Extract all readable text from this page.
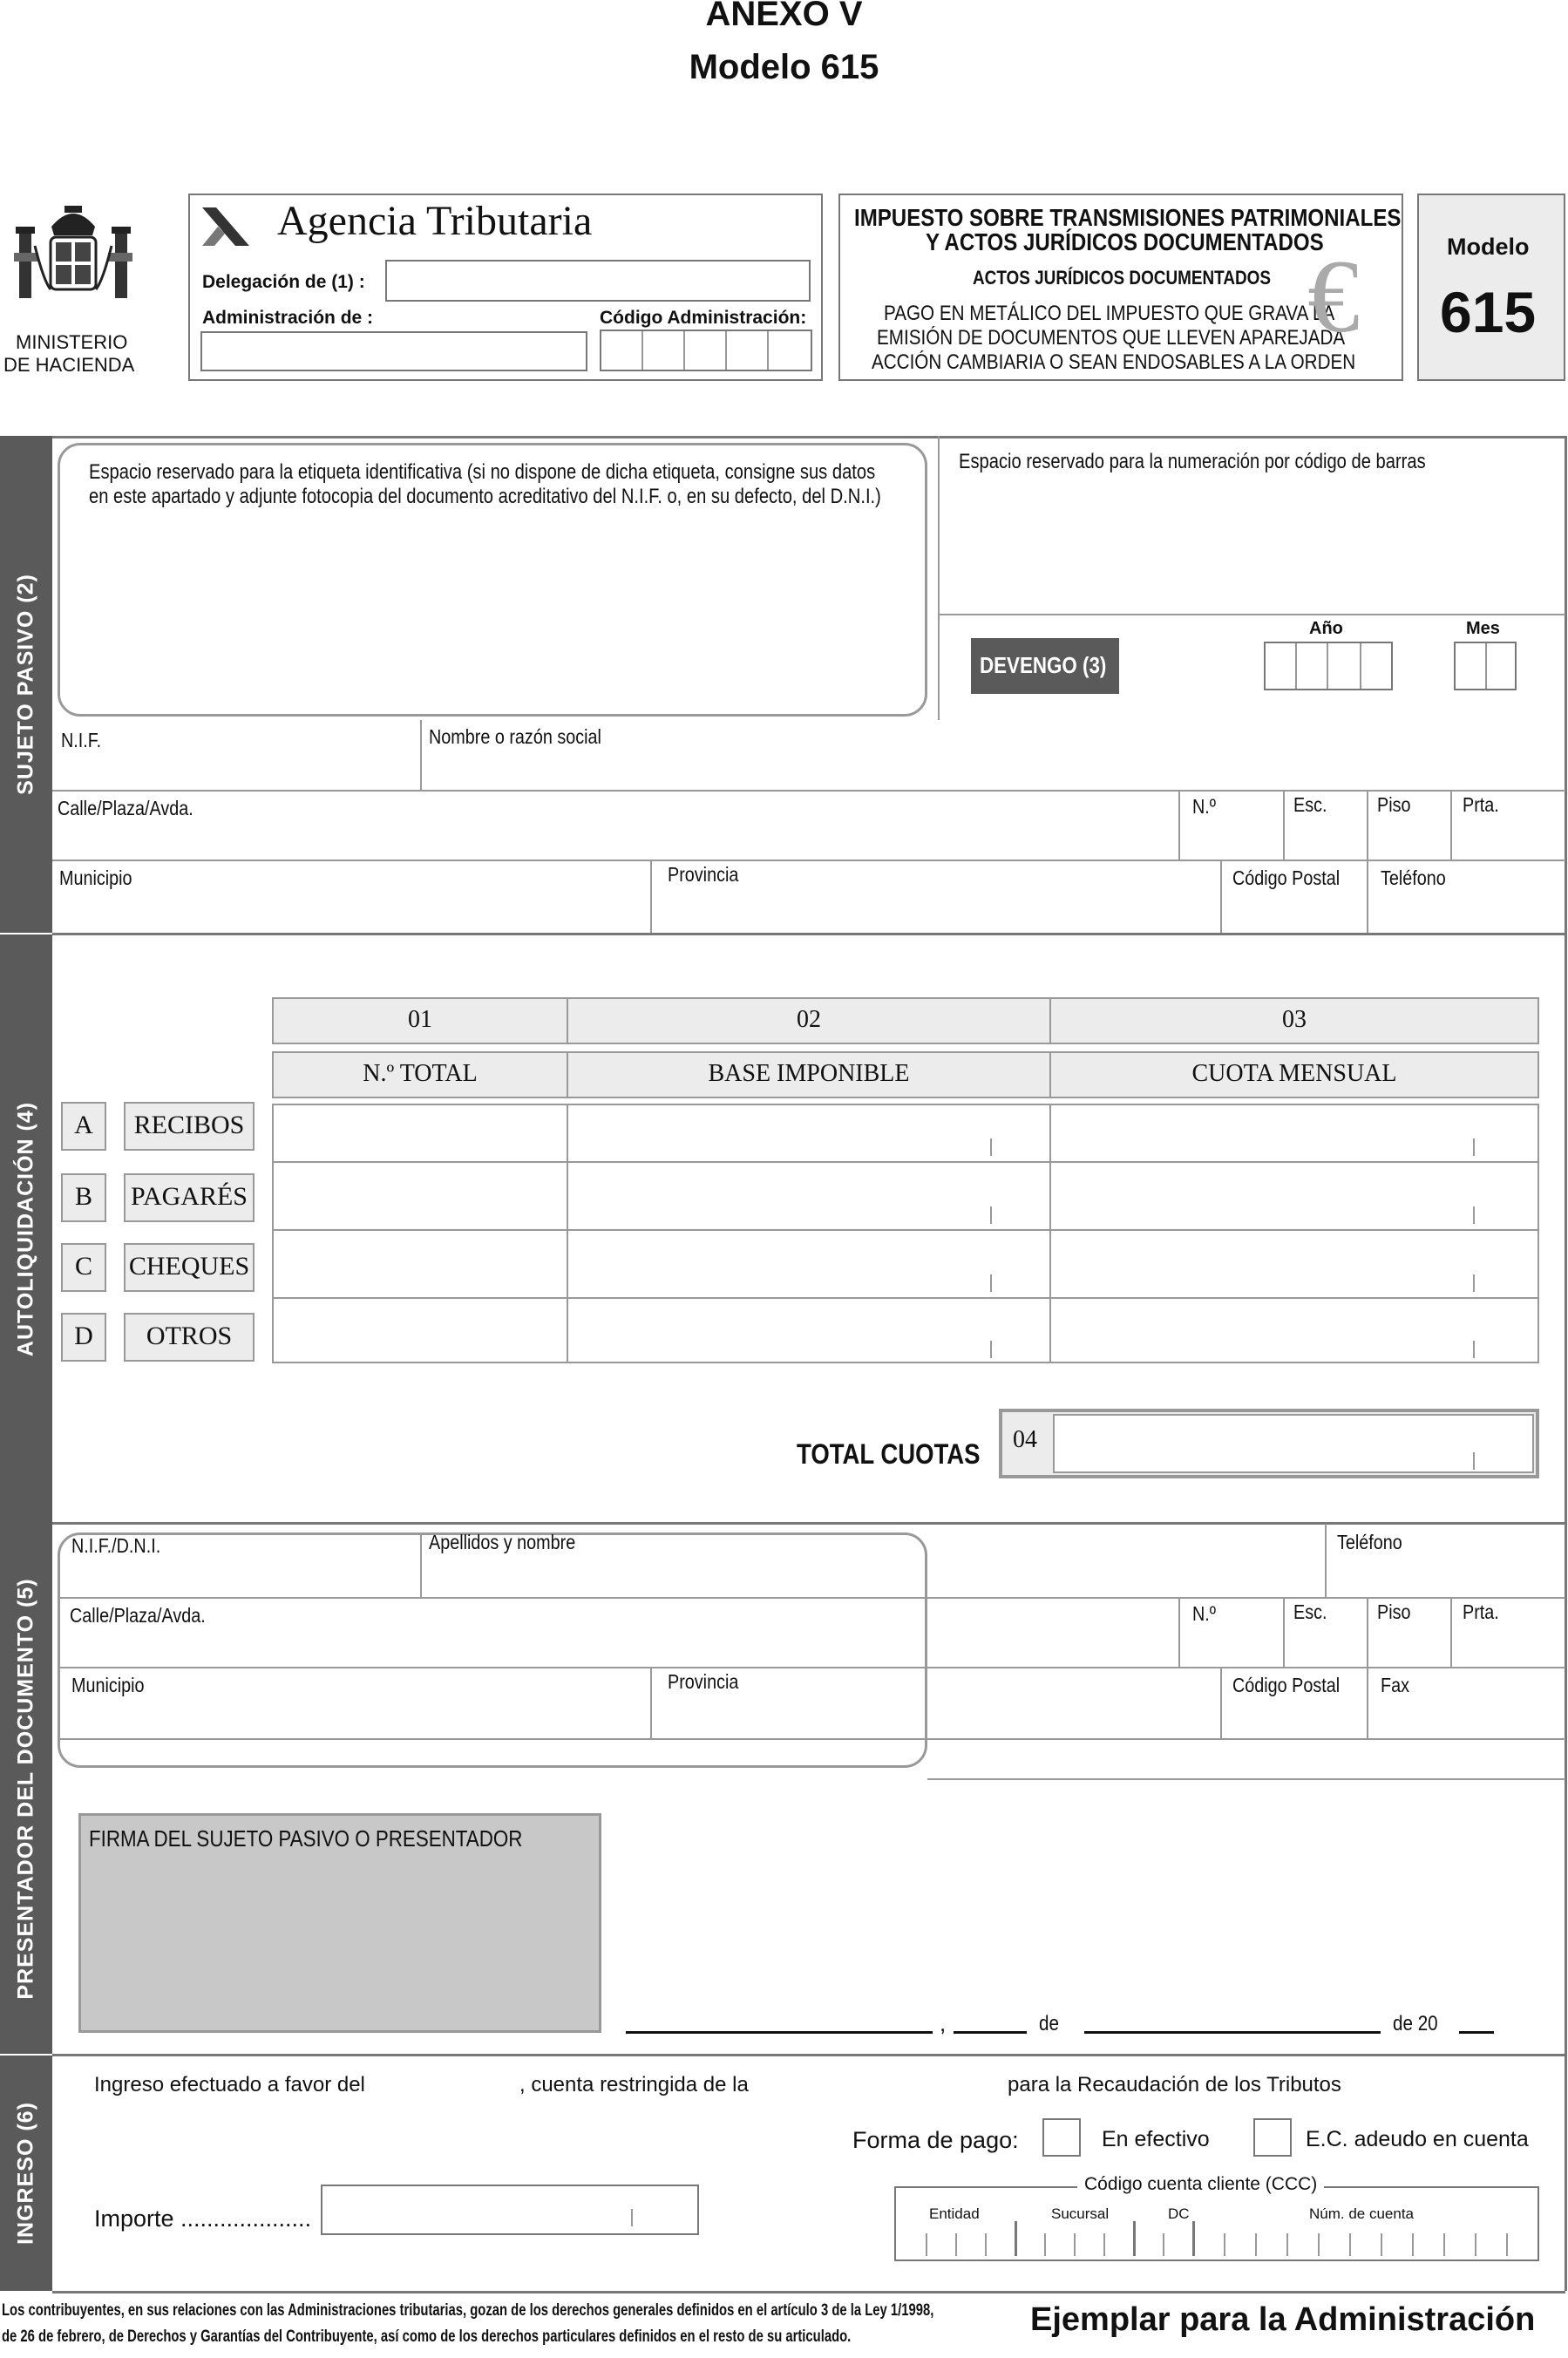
ANEXO V
Modelo 615
MINISTERIO
DE HACIENDA
Agencia Tributaria
Delegación de (1) :
Administración de :	Código Administración:
IMPUESTO SOBRE TRANSMISIONES PATRIMONIALES
Y ACTOS JURÍDICOS DOCUMENTADOS
ACTOS JURÍDICOS DOCUMENTADOS
PAGO EN METÁLICO DEL IMPUESTO QUE GRAVA LA
EMISIÓN DE DOCUMENTOS QUE LLEVEN APAREJADA
ACCIÓN CAMBIARIA O SEAN ENDOSABLES A LA ORDEN
€	Modelo
615
SUJETO PASIVO (2)
Espacio reservado para la etiqueta identificativa (si no dispone de dicha etiqueta, consigne sus datos
en este apartado y adjunte fotocopia del documento acreditativo del N.I.F. o, en su defecto, del D.N.I.)
Espacio reservado para la numeración por código de barras
DEVENGO (3)
Año	Mes
N.I.F.	Nombre o razón social
Calle/Plaza/Avda.	N.º	Esc.	Piso	Prta.
Municipio	Provincia	Código Postal Teléfono
AUTOLIQUIDACIÓN (4)
01	02	03
N.º TOTAL	BASE IMPONIBLE	CUOTA MENSUAL
A	RECIBOS
B	PAGARÉS
C	CHEQUES
D	OTROS
TOTAL CUOTAS 04
PRESENTADOR DEL DOCUMENTO (5)
N.I.F./D.N.I.	Apellidos y nombre	Teléfono
Calle/Plaza/Avda.	N.º	Esc.	Piso	Prta.
Municipio	Provincia	Código Postal Fax
FIRMA DEL SUJETO PASIVO O PRESENTADOR
,	de	de 20
INGRESO (6)
Ingreso efectuado a favor del	, cuenta restringida de la	para la Recaudación de los Tributos
Forma de pago:	En efectivo	E.C. adeudo en cuenta
Código cuenta cliente (CCC)
Entidad	Sucursal	DC	Núm. de cuenta
Importe ....................
Los contribuyentes, en sus relaciones con las Administraciones tributarias, gozan de los derechos generales definidos en el artículo 3 de la Ley 1/1998,
de 26 de febrero, de Derechos y Garantías del Contribuyente, así como de los derechos particulares definidos en el resto de su articulado.	Ejemplar para la Administración
